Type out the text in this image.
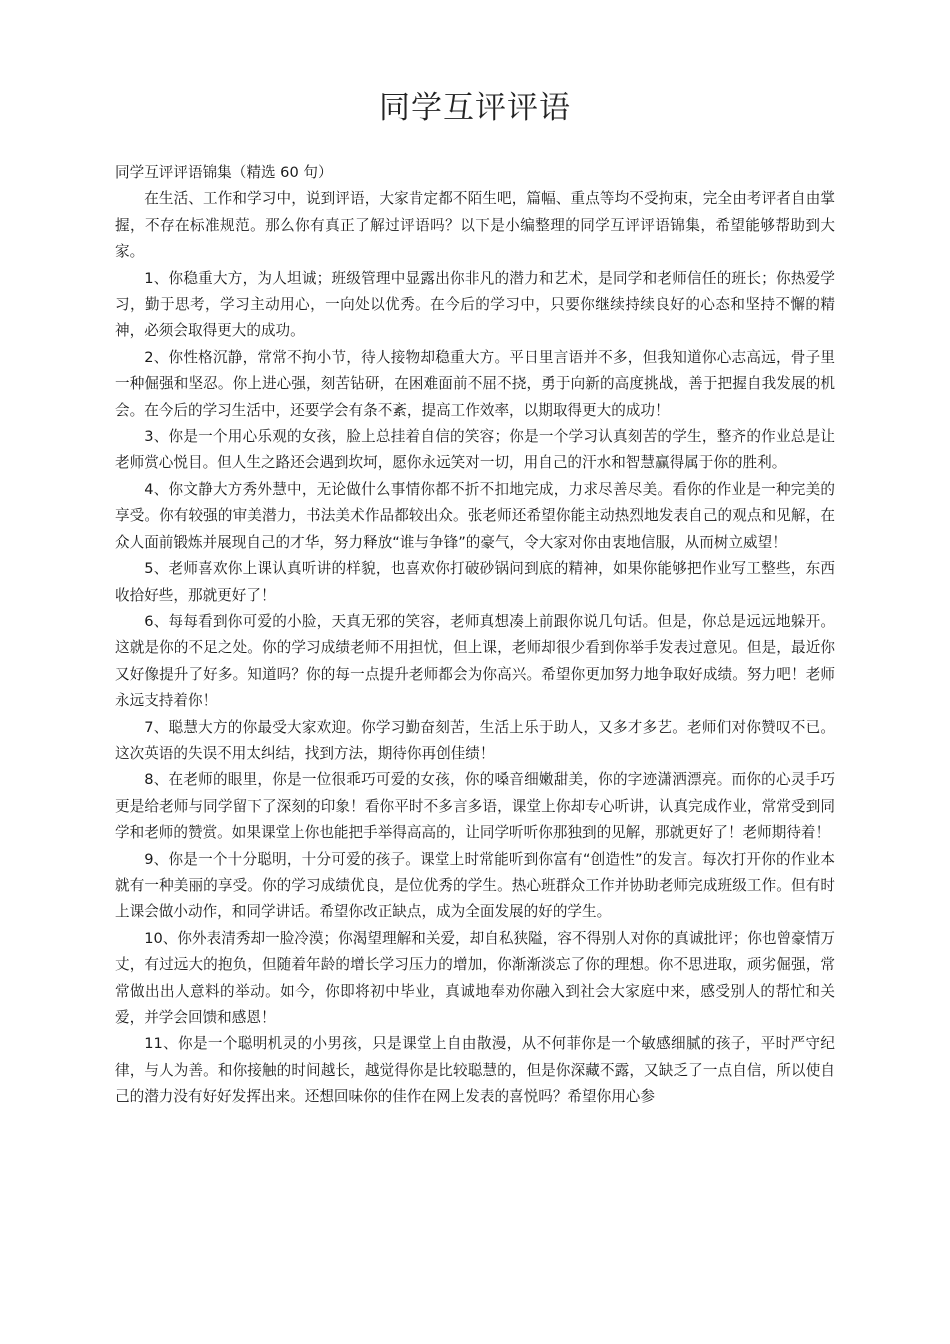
同学互评评语

同学互评评语锦集（精选 60 句）

在生活、工作和学习中，说到评语，大家肯定都不陌生吧，篇幅、重点等均不受拘束，完全由考评者自由掌握，不存在标准规范。那么你有真正了解过评语吗？以下是小编整理的同学互评评语锦集，希望能够帮助到大家。

1、你稳重大方，为人坦诚；班级管理中显露出你非凡的潜力和艺术，是同学和老师信任的班长；你热爱学习，勤于思考，学习主动用心，一向处以优秀。在今后的学习中，只要你继续持续良好的心态和坚持不懈的精神，必须会取得更大的成功。

2、你性格沉静，常常不拘小节，待人接物却稳重大方。平日里言语并不多，但我知道你心志高远，骨子里一种倔强和坚忍。你上进心强，刻苦钻研，在困难面前不屈不挠，勇于向新的高度挑战，善于把握自我发展的机会。在今后的学习生活中，还要学会有条不紊，提高工作效率，以期取得更大的成功！

3、你是一个用心乐观的女孩，脸上总挂着自信的笑容；你是一个学习认真刻苦的学生，整齐的作业总是让老师赏心悦目。但人生之路还会遇到坎坷，愿你永远笑对一切，用自己的汗水和智慧赢得属于你的胜利。

4、你文静大方秀外慧中，无论做什么事情你都不折不扣地完成，力求尽善尽美。看你的作业是一种完美的享受。你有较强的审美潜力，书法美术作品都较出众。张老师还希望你能主动热烈地发表自己的观点和见解，在众人面前锻炼并展现自己的才华，努力释放“谁与争锋”的豪气，令大家对你由衷地信服，从而树立威望！

5、老师喜欢你上课认真听讲的样貌，也喜欢你打破砂锅问到底的精神，如果你能够把作业写工整些，东西收拾好些，那就更好了！

6、每每看到你可爱的小脸，天真无邪的笑容，老师真想凑上前跟你说几句话。但是，你总是远远地躲开。这就是你的不足之处。你的学习成绩老师不用担忧，但上课，老师却很少看到你举手发表过意见。但是，最近你又好像提升了好多。知道吗？你的每一点提升老师都会为你高兴。希望你更加努力地争取好成绩。努力吧！老师永远支持着你！

7、聪慧大方的你最受大家欢迎。你学习勤奋刻苦，生活上乐于助人，又多才多艺。老师们对你赞叹不已。这次英语的失误不用太纠结，找到方法，期待你再创佳绩！

8、在老师的眼里，你是一位很乖巧可爱的女孩，你的嗓音细嫩甜美，你的字迹潇洒漂亮。而你的心灵手巧更是给老师与同学留下了深刻的印象！看你平时不多言多语，课堂上你却专心听讲，认真完成作业，常常受到同学和老师的赞赏。如果课堂上你也能把手举得高高的，让同学听听你那独到的见解，那就更好了！老师期待着！

9、你是一个十分聪明，十分可爱的孩子。课堂上时常能听到你富有“创造性”的发言。每次打开你的作业本就有一种美丽的享受。你的学习成绩优良，是位优秀的学生。热心班群众工作并协助老师完成班级工作。但有时上课会做小动作，和同学讲话。希望你改正缺点，成为全面发展的好的学生。

10、你外表清秀却一脸冷漠；你渴望理解和关爱，却自私狭隘，容不得别人对你的真诚批评；你也曾豪情万丈，有过远大的抱负，但随着年龄的增长学习压力的增加，你渐渐淡忘了你的理想。你不思进取，顽劣倔强，常常做出出人意料的举动。如今，你即将初中毕业，真诚地奉劝你融入到社会大家庭中来，感受别人的帮忙和关爱，并学会回馈和感恩！

11、你是一个聪明机灵的小男孩，只是课堂上自由散漫，从不何菲你是一个敏感细腻的孩子，平时严守纪律，与人为善。和你接触的时间越长，越觉得你是比较聪慧的，但是你深藏不露，又缺乏了一点自信，所以使自己的潜力没有好好发挥出来。还想回味你的佳作在网上发表的喜悦吗？希望你用心参
